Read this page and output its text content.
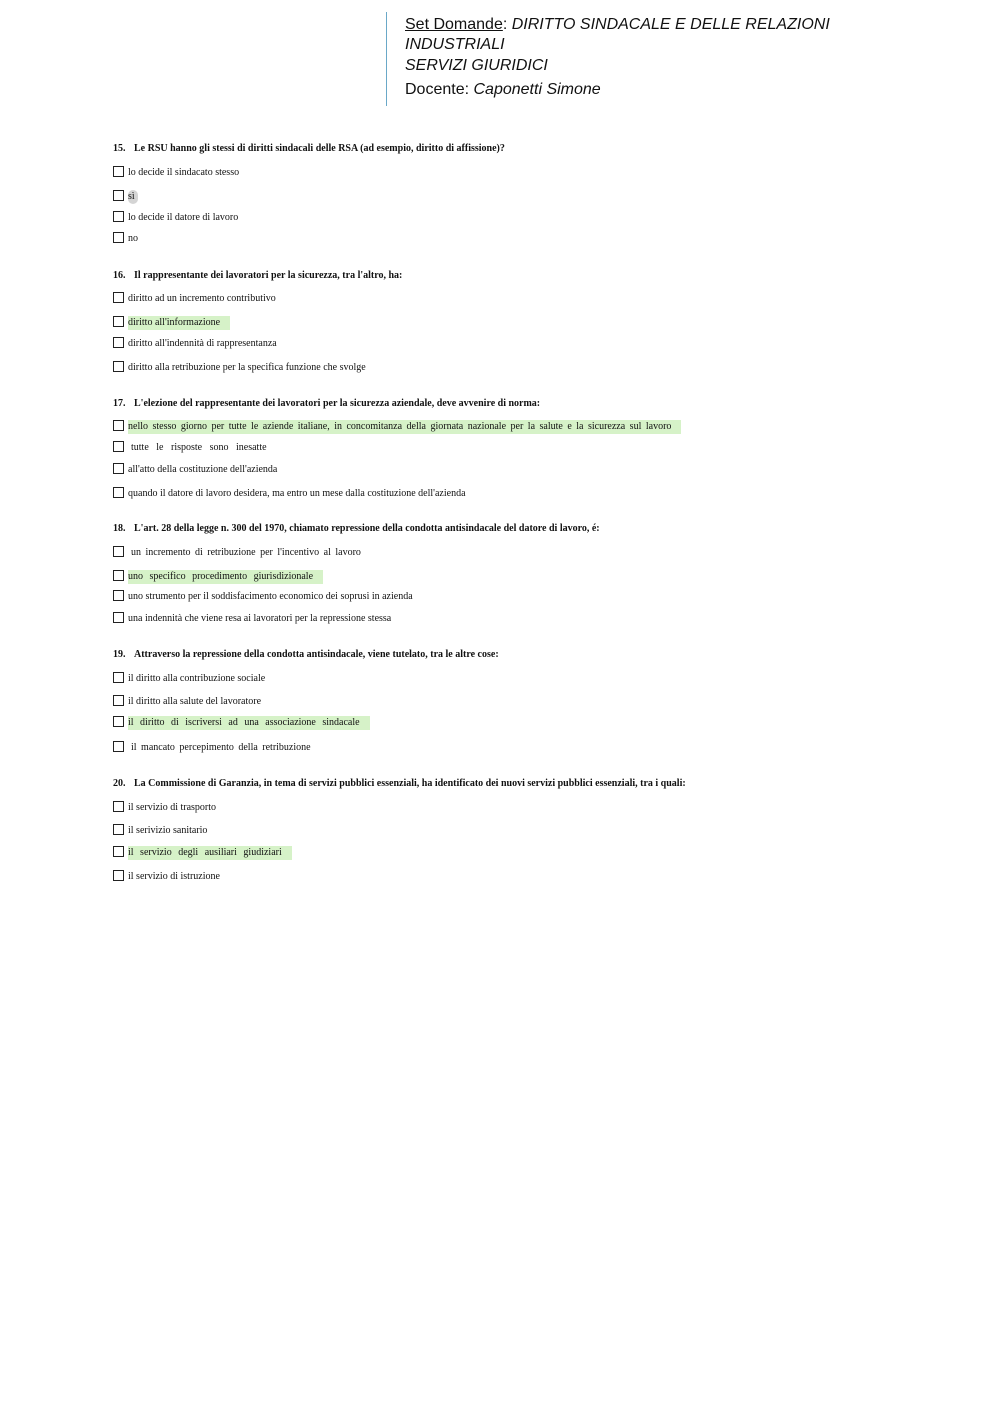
Set Domande: DIRITTO SINDACALE E DELLE RELAZIONI
INDUSTRIALI
SERVIZI GIURIDICI
Docente: Caponetti Simone
15. Le RSU hanno gli stessi di diritti sindacali delle RSA (ad esempio, diritto di affissione)?
lo decide il sindacato stesso
sì
lo decide il datore di lavoro
no
16. Il rappresentante dei lavoratori per la sicurezza, tra l'altro, ha:
diritto ad un incremento contributivo
diritto all'informazione
diritto all'indennità di rappresentanza
diritto alla retribuzione per la specifica funzione che svolge
17. L'elezione del rappresentante dei lavoratori per la sicurezza aziendale, deve avvenire di norma:
nello stesso giorno per tutte le aziende italiane, in concomitanza della giornata nazionale per la salute e la sicurezza sul lavoro
tutte le risposte sono inesatte
all'atto della costituzione dell'azienda
quando il datore di lavoro desidera, ma entro un mese dalla costituzione dell'azienda
18. L'art. 28 della legge n. 300 del 1970, chiamato repressione della condotta antisindacale del datore di lavoro, é:
un incremento di retribuzione per l'incentivo al lavoro
uno specifico procedimento giurisdizionale
uno strumento per il soddisfacimento economico dei soprusi in azienda
una indennità che viene resa ai lavoratori per la repressione stessa
19. Attraverso la repressione della condotta antisindacale, viene tutelato, tra le altre cose:
il diritto alla contribuzione sociale
il diritto alla salute del lavoratore
il diritto di iscriversi ad una associazione sindacale
il mancato percepimento della retribuzione
20. La Commissione di Garanzia, in tema di servizi pubblici essenziali, ha identificato dei nuovi servizi pubblici essenziali, tra i quali:
il servizio di trasporto
il serivizio sanitario
il servizio degli ausiliari giudiziari
il servizio di istruzione
